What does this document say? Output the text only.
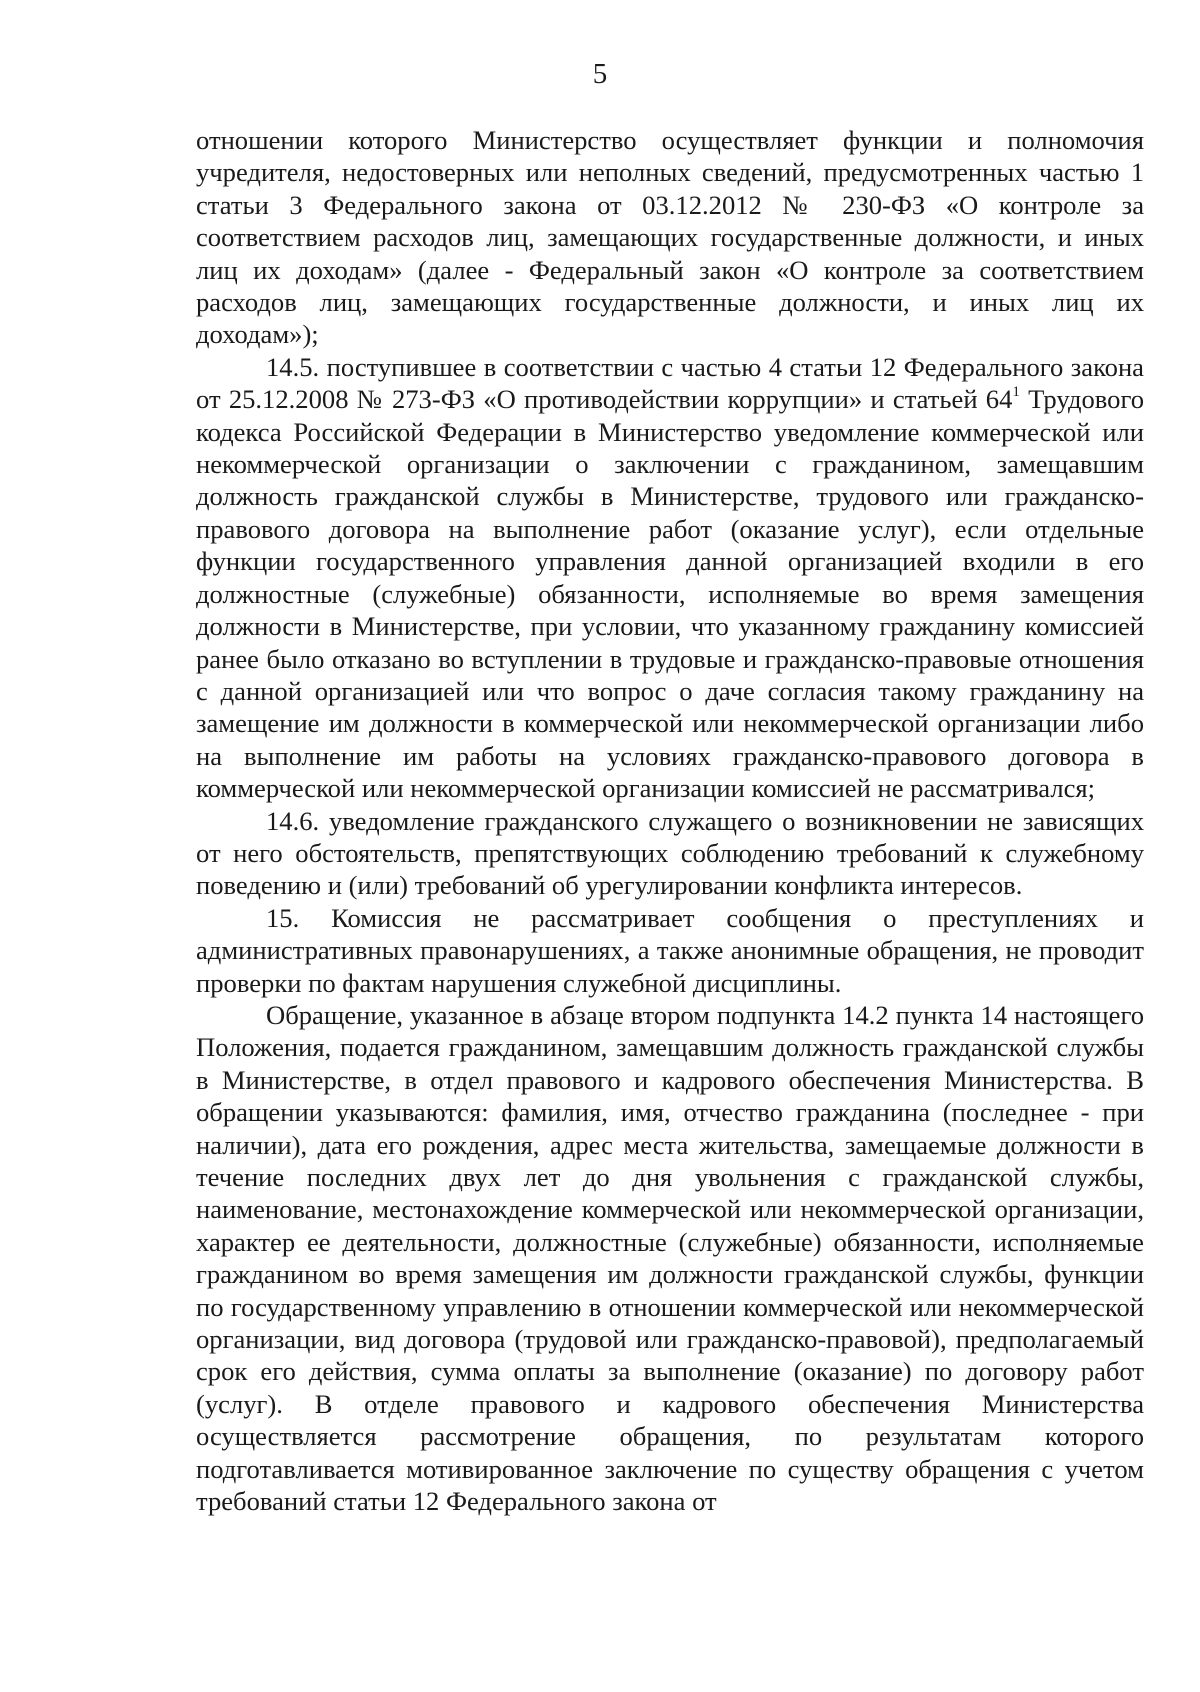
5

отношении которого Министерство осуществляет функции и полномочия учредителя, недостоверных или неполных сведений, предусмотренных частью 1 статьи 3 Федерального закона от 03.12.2012 № 230-ФЗ «О контроле за соответствием расходов лиц, замещающих государственные должности, и иных лиц их доходам» (далее - Федеральный закон «О контроле за соответствием расходов лиц, замещающих государственные должности, и иных лиц их доходам»);

14.5. поступившее в соответствии с частью 4 статьи 12 Федерального закона от 25.12.2008 № 273-ФЗ «О противодействии коррупции» и статьей $64^1$ Трудового кодекса Российской Федерации в Министерство уведомление коммерческой или некоммерческой организации о заключении с гражданином, замещавшим должность гражданской службы в Министерстве, трудового или гражданско-правового договора на выполнение работ (оказание услуг), если отдельные функции государственного управления данной организацией входили в его должностные (служебные) обязанности, исполняемые во время замещения должности в Министерстве, при условии, что указанному гражданину комиссией ранее было отказано во вступлении в трудовые и гражданско-правовые отношения с данной организацией или что вопрос о даче согласия такому гражданину на замещение им должности в коммерческой или некоммерческой организации либо на выполнение им работы на условиях гражданско-правового договора в коммерческой или некоммерческой организации комиссией не рассматривался;

14.6. уведомление гражданского служащего о возникновении не зависящих от него обстоятельств, препятствующих соблюдению требований к служебному поведению и (или) требований об урегулировании конфликта интересов.

15. Комиссия не рассматривает сообщения о преступлениях и административных правонарушениях, а также анонимные обращения, не проводит проверки по фактам нарушения служебной дисциплины.

Обращение, указанное в абзаце втором подпункта 14.2 пункта 14 настоящего Положения, подается гражданином, замещавшим должность гражданской службы в Министерстве, в отдел правового и кадрового обеспечения Министерства. В обращении указываются: фамилия, имя, отчество гражданина (последнее - при наличии), дата его рождения, адрес места жительства, замещаемые должности в течение последних двух лет до дня увольнения с гражданской службы, наименование, местонахождение коммерческой или некоммерческой организации, характер ее деятельности, должностные (служебные) обязанности, исполняемые гражданином во время замещения им должности гражданской службы, функции по государственному управлению в отношении коммерческой или некоммерческой организации, вид договора (трудовой или гражданско-правовой), предполагаемый срок его действия, сумма оплаты за выполнение (оказание) по договору работ (услуг). В отделе правового и кадрового обеспечения Министерства осуществляется рассмотрение обращения, по результатам которого подготавливается мотивированное заключение по существу обращения с учетом требований статьи 12 Федерального закона от
